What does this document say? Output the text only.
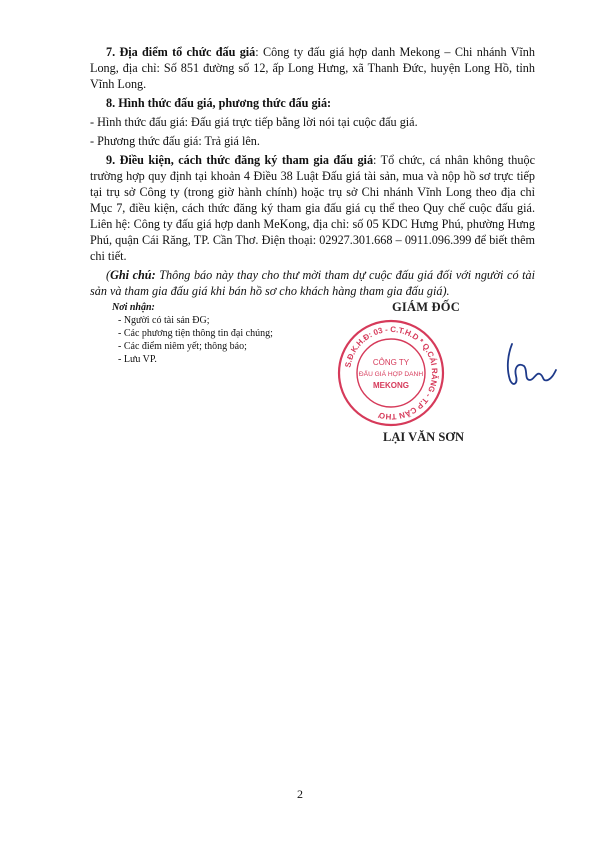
7. Địa điểm tổ chức đấu giá: Công ty đấu giá hợp danh Mekong – Chi nhánh Vĩnh Long, địa chỉ: Số 851 đường số 12, ấp Long Hưng, xã Thanh Đức, huyện Long Hồ, tỉnh Vĩnh Long.

8. Hình thức đấu giá, phương thức đấu giá:

- Hình thức đấu giá: Đấu giá trực tiếp bằng lời nói tại cuộc đấu giá.

- Phương thức đấu giá: Trả giá lên.

9. Điều kiện, cách thức đăng ký tham gia đấu giá: Tổ chức, cá nhân không thuộc trường hợp quy định tại khoản 4 Điều 38 Luật Đấu giá tài sản, mua và nộp hồ sơ trực tiếp tại trụ sở Công ty (trong giờ hành chính) hoặc trụ sở Chi nhánh Vĩnh Long theo địa chỉ Mục 7, điều kiện, cách thức đăng ký tham gia đấu giá cụ thể theo Quy chế cuộc đấu giá. Liên hệ: Công ty đấu giá hợp danh MeKong, địa chỉ: số 05 KDC Hưng Phú, phường Hưng Phú, quận Cái Răng, TP. Cần Thơ. Điện thoại: 02927.301.668 – 0911.096.399 để biết thêm chi tiết.

(Ghi chú: Thông báo này thay cho thư mời tham dự cuộc đấu giá đối với người có tài sản và tham gia đấu giá khi bán hồ sơ cho khách hàng tham gia đấu giá).

Nơi nhận:
- Người có tài sản ĐG;
- Các phương tiện thông tin đại chúng;
- Các điểm niêm yết; thông báo;
- Lưu VP.
GIÁM ĐỐC
S.Đ.K.H.Đ: 03 - C.T.H.D * Q.CÁI RĂNG - T.P CẦN THƠ
CÔNG TY
ĐẤU GIÁ HỢP DANH
MEKONG
LẠI VĂN SƠN
2
